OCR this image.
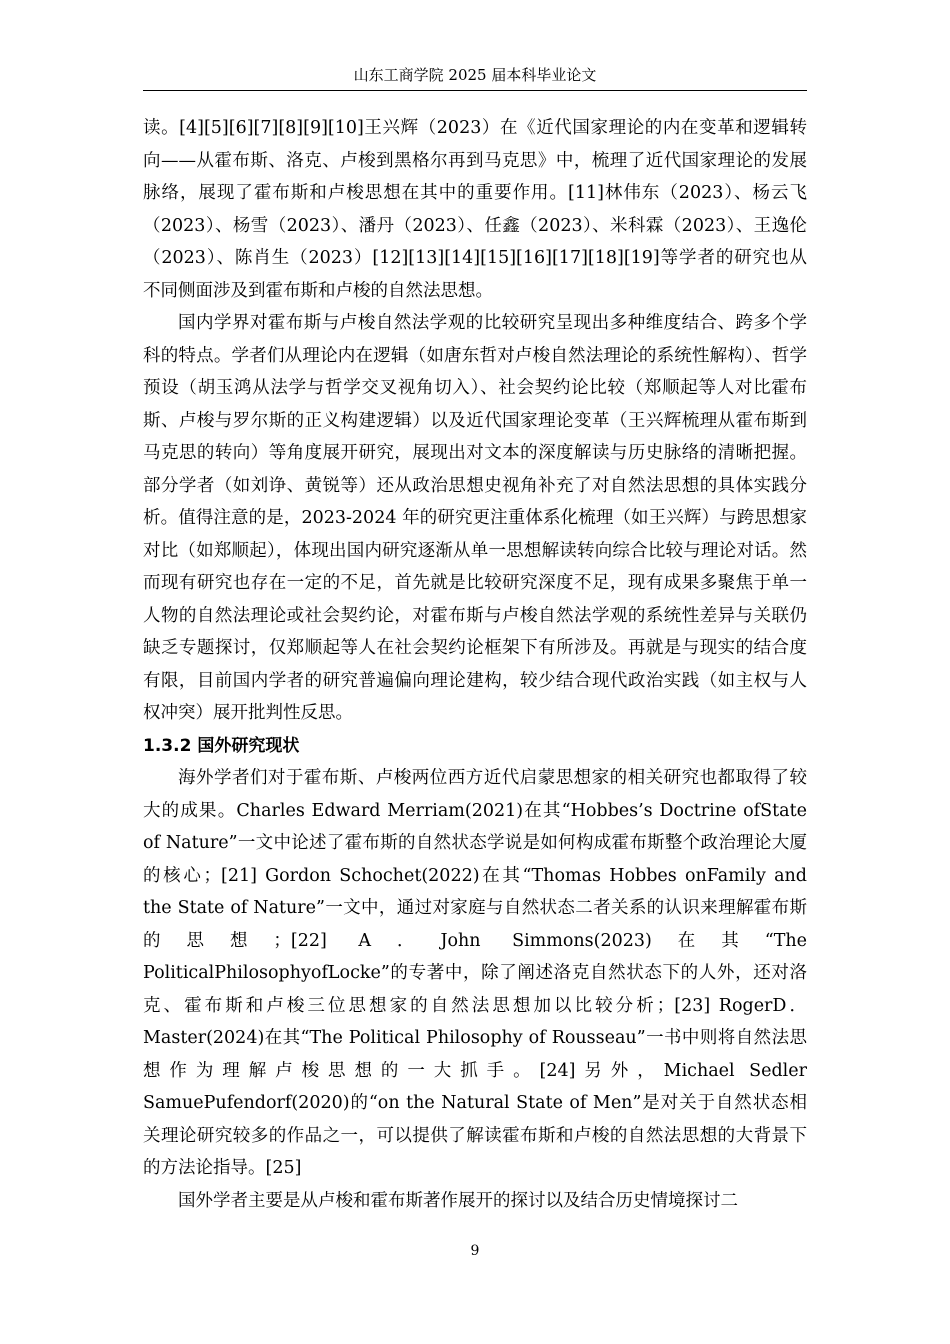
山东工商学院 2025 届本科毕业论文

读。[4][5][6][7][8][9][10]王兴辉（2023）在《近代国家理论的内在变革和逻辑转向——从霍布斯、洛克、卢梭到黑格尔再到马克思》中，梳理了近代国家理论的发展脉络，展现了霍布斯和卢梭思想在其中的重要作用。[11]林伟东（2023）、杨云飞（2023）、杨雪（2023）、潘丹（2023）、任鑫（2023）、米科霖（2023）、王逸伦（2023）、陈肖生（2023）[12][13][14][15][16][17][18][19]等学者的研究也从不同侧面涉及到霍布斯和卢梭的自然法思想。

国内学界对霍布斯与卢梭自然法学观的比较研究呈现出多种维度结合、跨多个学科的特点。学者们从理论内在逻辑（如唐东哲对卢梭自然法理论的系统性解构）、哲学预设（胡玉鸿从法学与哲学交叉视角切入）、社会契约论比较（郑顺起等人对比霍布斯、卢梭与罗尔斯的正义构建逻辑）以及近代国家理论变革（王兴辉梳理从霍布斯到马克思的转向）等角度展开研究，展现出对文本的深度解读与历史脉络的清晰把握。部分学者（如刘诤、黄锐等）还从政治思想史视角补充了对自然法思想的具体实践分析。值得注意的是，2023-2024 年的研究更注重体系化梳理（如王兴辉）与跨思想家对比（如郑顺起），体现出国内研究逐渐从单一思想解读转向综合比较与理论对话。然而现有研究也存在一定的不足，首先就是比较研究深度不足，现有成果多聚焦于单一人物的自然法理论或社会契约论，对霍布斯与卢梭自然法学观的系统性差异与关联仍缺乏专题探讨，仅郑顺起等人在社会契约论框架下有所涉及。再就是与现实的结合度有限，目前国内学者的研究普遍偏向理论建构，较少结合现代政治实践（如主权与人权冲突）展开批判性反思。

1.3.2 国外研究现状

海外学者们对于霍布斯、卢梭两位西方近代启蒙思想家的相关研究也都取得了较大的成果。Charles Edward Merriam(2021)在其“Hobbes’s Doctrine ofState of Nature”一文中论述了霍布斯的自然状态学说是如何构成霍布斯整个政治理论大厦的核心；[21] Gordon Schochet(2022)在其“Thomas Hobbes onFamily and the State of Nature”一文中，通过对家庭与自然状态二者关系的认识来理解霍布斯的思想；[22] A．John Simmons(2023)在其“The PoliticalPhilosophyofLocke”的专著中，除了阐述洛克自然状态下的人外，还对洛克、霍布斯和卢梭三位思想家的自然法思想加以比较分析；[23] RogerD． Master(2024)在其“The Political Philosophy of Rousseau”一书中则将自然法思想作为理解卢梭思想的一大抓手。[24]另外，Michael Sedler SamuePufendorf(2020)的“on the Natural State of Men”是对关于自然状态相关理论研究较多的作品之一，可以提供了解读霍布斯和卢梭的自然法思想的大背景下的方法论指导。[25]

国外学者主要是从卢梭和霍布斯著作展开的探讨以及结合历史情境探讨二

9
